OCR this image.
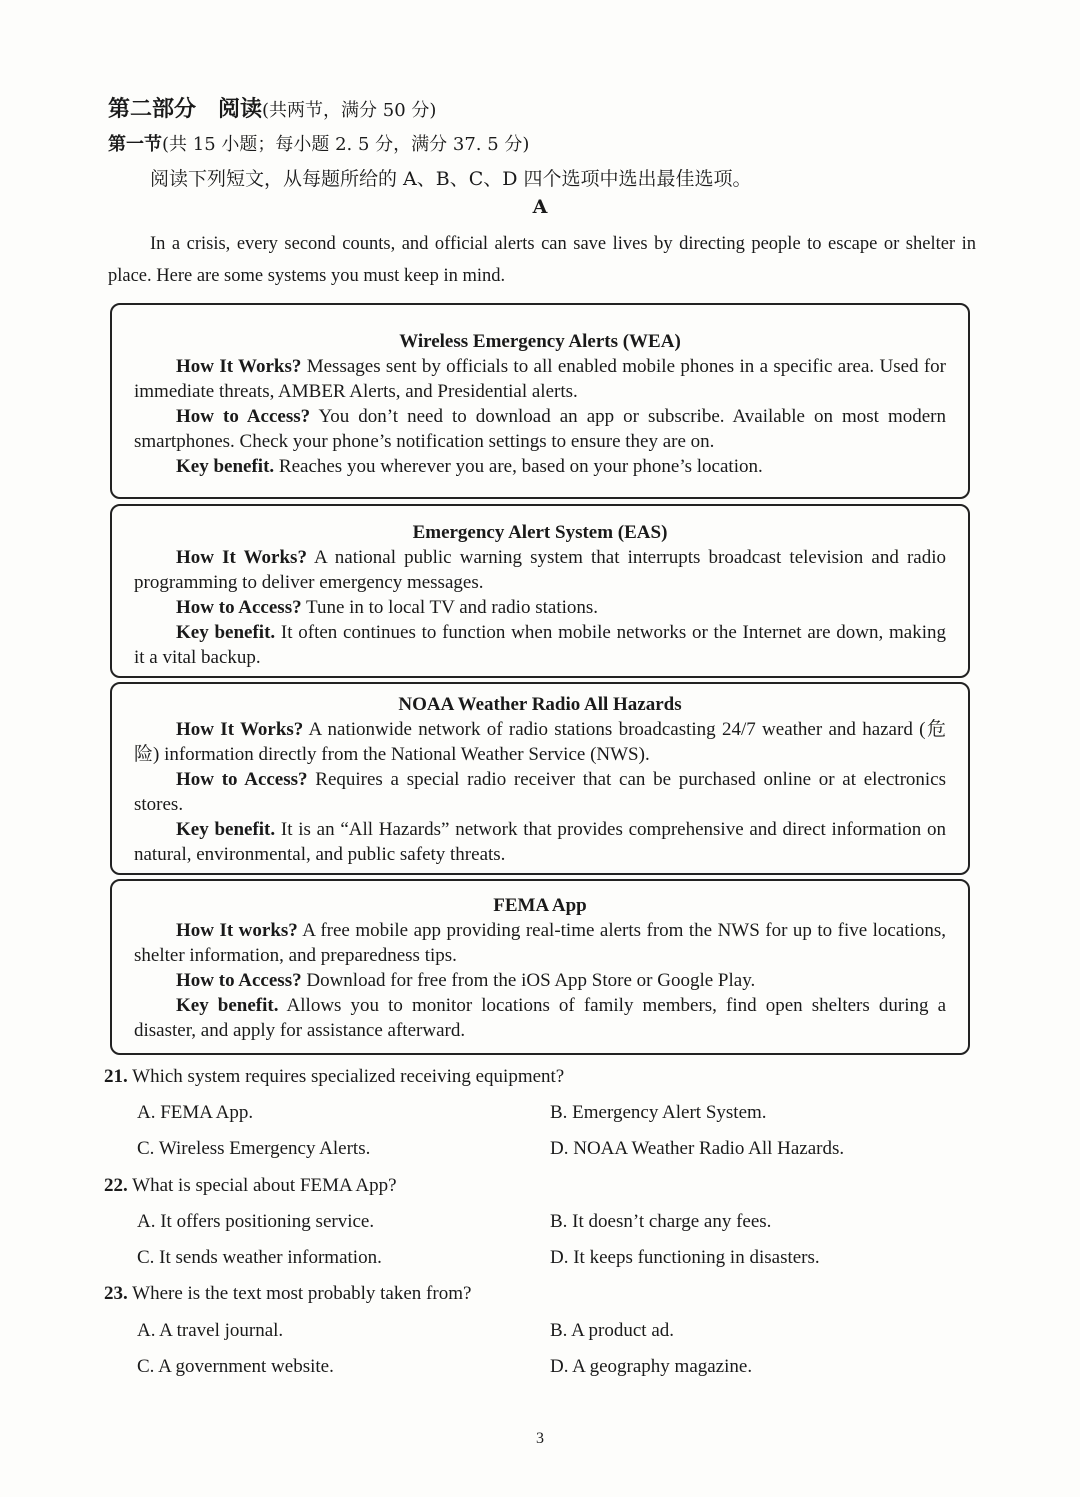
第二部分　阅读(共两节，满分 50 分)
第一节(共 15 小题；每小题 2. 5 分，满分 37. 5 分)
阅读下列短文，从每题所给的 A、B、C、D 四个选项中选出最佳选项。
A
In a crisis, every second counts, and official alerts can save lives by directing people to escape or shelter in place. Here are some systems you must keep in mind.
Wireless Emergency Alerts (WEA)

How It Works? Messages sent by officials to all enabled mobile phones in a specific area. Used for immediate threats, AMBER Alerts, and Presidential alerts.

How to Access? You don’t need to download an app or subscribe. Available on most modern smartphones. Check your phone’s notification settings to ensure they are on.

Key benefit. Reaches you wherever you are, based on your phone’s location.

Emergency Alert System (EAS)

How It Works? A national public warning system that interrupts broadcast television and radio programming to deliver emergency messages.

How to Access? Tune in to local TV and radio stations.

Key benefit. It often continues to function when mobile networks or the Internet are down, making it a vital backup.

NOAA Weather Radio All Hazards

How It Works? A nationwide network of radio stations broadcasting 24/7 weather and hazard (危险) information directly from the National Weather Service (NWS).

How to Access? Requires a special radio receiver that can be purchased online or at electronics stores.

Key benefit. It is an “All Hazards” network that provides comprehensive and direct information on natural, environmental, and public safety threats.

FEMA App

How It works? A free mobile app providing real-time alerts from the NWS for up to five locations, shelter information, and preparedness tips.

How to Access? Download for free from the iOS App Store or Google Play.

Key benefit. Allows you to monitor locations of family members, find open shelters during a disaster, and apply for assistance afterward.

21. Which system requires specialized receiving equipment?
A. FEMA App.	B. Emergency Alert System.
C. Wireless Emergency Alerts.	D. NOAA Weather Radio All Hazards.
22. What is special about FEMA App?
A. It offers positioning service.	B. It doesn’t charge any fees.
C. It sends weather information.	D. It keeps functioning in disasters.
23. Where is the text most probably taken from?
A. A travel journal.	B. A product ad.
C. A government website.	D. A geography magazine.
3
